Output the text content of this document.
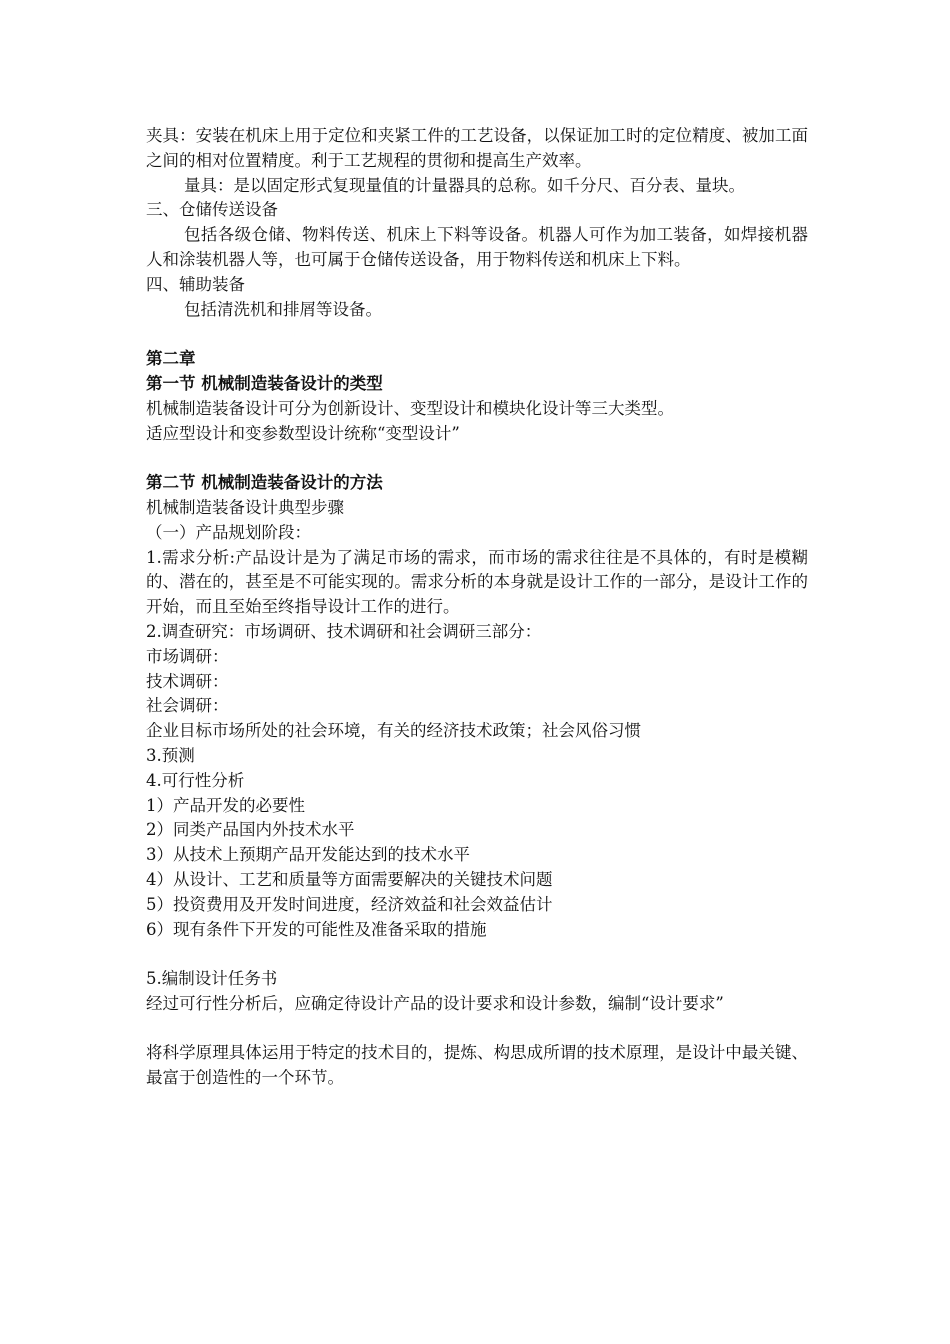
夹具：安装在机床上用于定位和夹紧工件的工艺设备，以保证加工时的定位精度、被加工面之间的相对位置精度。利于工艺规程的贯彻和提高生产效率。

量具：是以固定形式复现量值的计量器具的总称。如千分尺、百分表、量块。

三、仓储传送设备

包括各级仓储、物料传送、机床上下料等设备。机器人可作为加工装备，如焊接机器人和涂装机器人等，也可属于仓储传送设备，用于物料传送和机床上下料。

四、辅助装备

包括清洗机和排屑等设备。

第二章

第一节 机械制造装备设计的类型

机械制造装备设计可分为创新设计、变型设计和模块化设计等三大类型。

适应型设计和变参数型设计统称“变型设计”

第二节 机械制造装备设计的方法

机械制造装备设计典型步骤

（一）产品规划阶段：

1.需求分析:产品设计是为了满足市场的需求，而市场的需求往往是不具体的，有时是模糊的、潜在的，甚至是不可能实现的。需求分析的本身就是设计工作的一部分，是设计工作的开始，而且至始至终指导设计工作的进行。

2.调查研究：市场调研、技术调研和社会调研三部分：

市场调研：

技术调研：

社会调研：

企业目标市场所处的社会环境，有关的经济技术政策；社会风俗习惯

3.预测

4.可行性分析

1）产品开发的必要性

2）同类产品国内外技术水平

3）从技术上预期产品开发能达到的技术水平

4）从设计、工艺和质量等方面需要解决的关键技术问题

5）投资费用及开发时间进度，经济效益和社会效益估计

6）现有条件下开发的可能性及准备采取的措施

5.编制设计任务书

经过可行性分析后，应确定待设计产品的设计要求和设计参数，编制“设计要求”

将科学原理具体运用于特定的技术目的，提炼、构思成所谓的技术原理，是设计中最关键、最富于创造性的一个环节。
